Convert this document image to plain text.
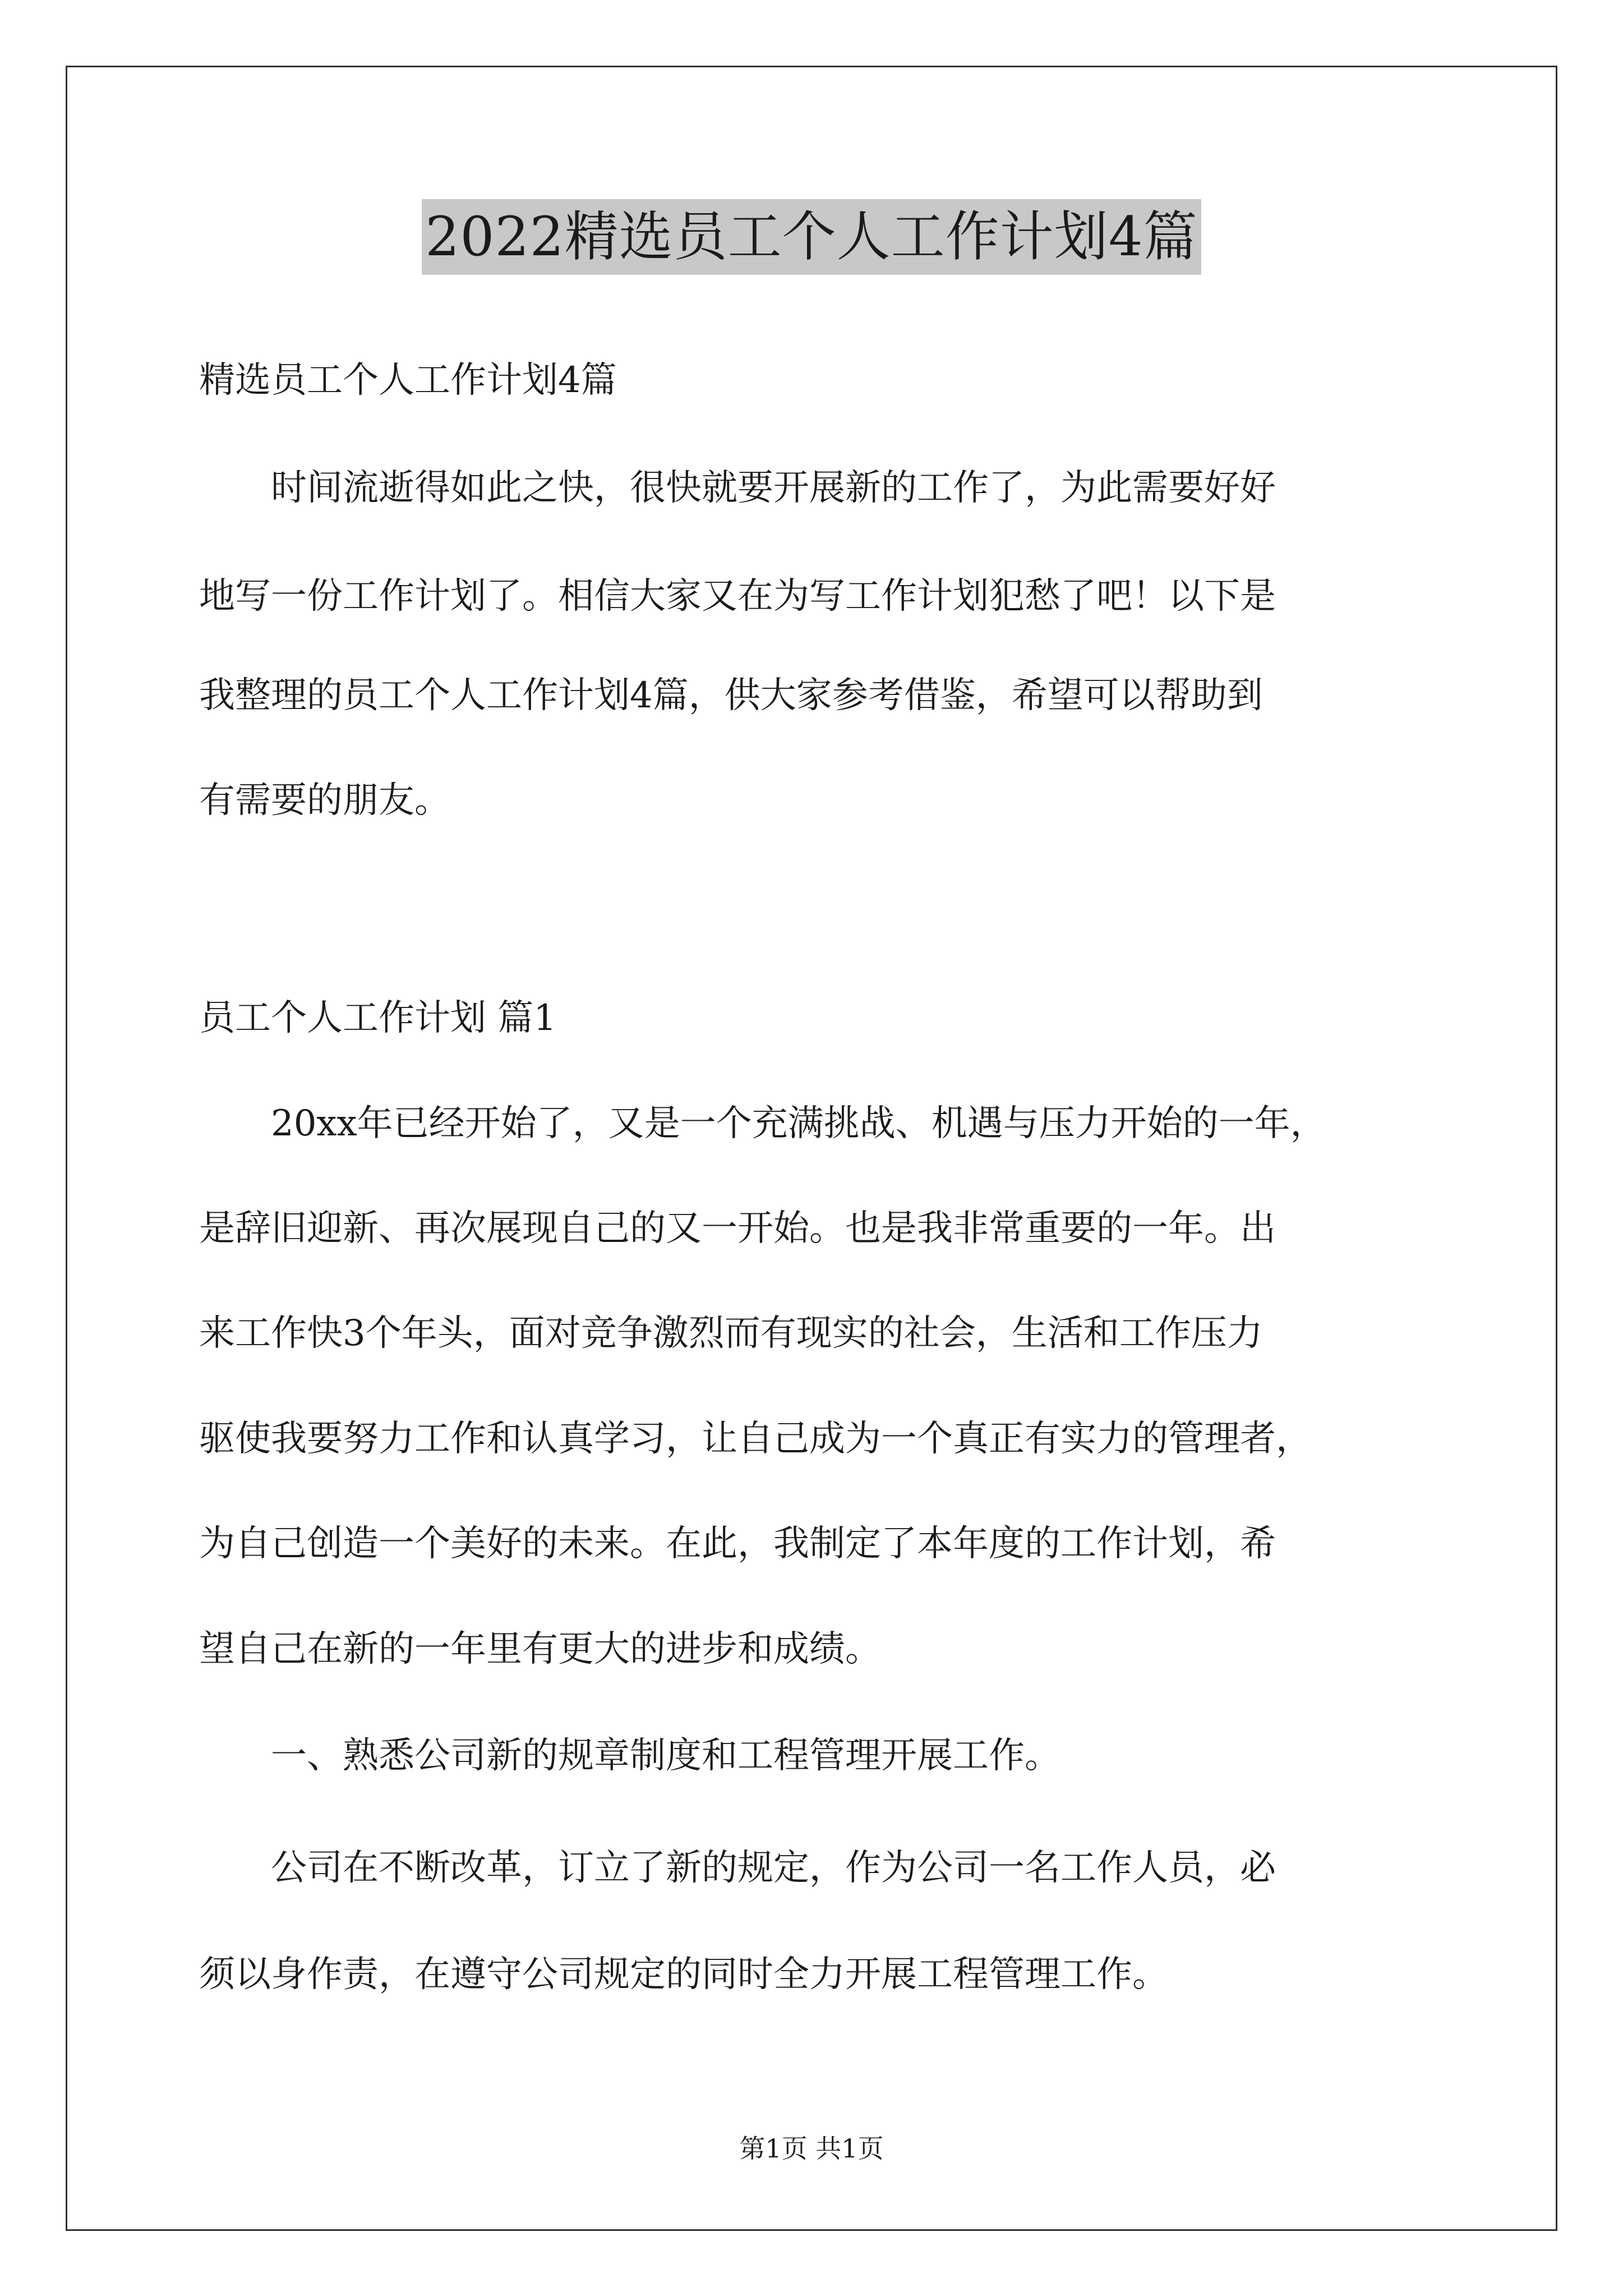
2022精选员工个人工作计划4篇
精选员工个人工作计划4篇
　　时间流逝得如此之快，很快就要开展新的工作了，为此需要好好
地写一份工作计划了。相信大家又在为写工作计划犯愁了吧！以下是
我整理的员工个人工作计划4篇，供大家参考借鉴，希望可以帮助到
有需要的朋友。
员工个人工作计划 篇1
　　20xx年已经开始了，又是一个充满挑战、机遇与压力开始的一年，
是辞旧迎新、再次展现自己的又一开始。也是我非常重要的一年。出
来工作快3个年头，面对竞争激烈而有现实的社会，生活和工作压力
驱使我要努力工作和认真学习，让自己成为一个真正有实力的管理者，
为自己创造一个美好的未来。在此，我制定了本年度的工作计划，希
望自己在新的一年里有更大的进步和成绩。
　　一、熟悉公司新的规章制度和工程管理开展工作。
　　公司在不断改革，订立了新的规定，作为公司一名工作人员，必
须以身作责，在遵守公司规定的同时全力开展工程管理工作。
第1页 共1页
